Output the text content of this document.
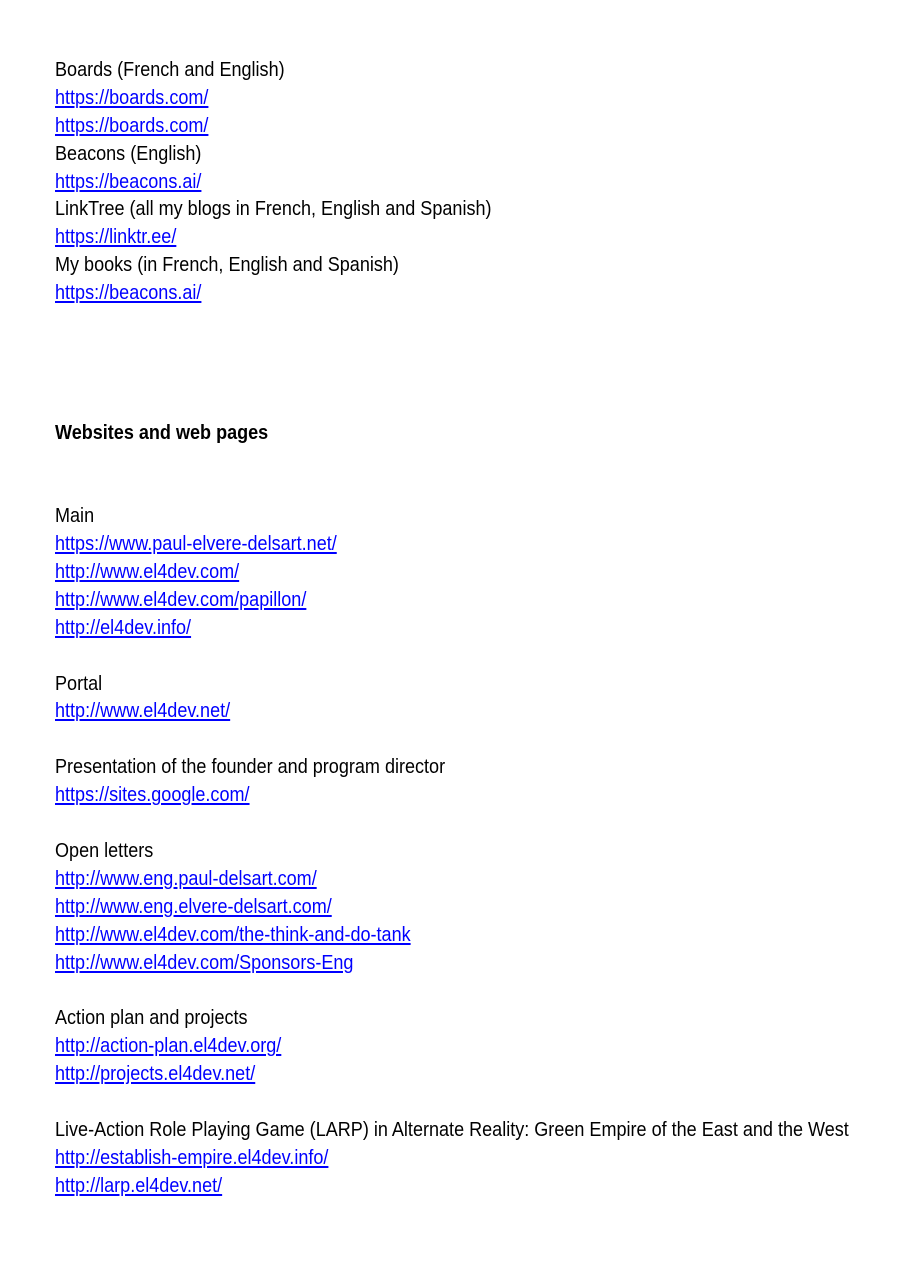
Boards (French and English)
https://boards.com/
https://boards.com/
Beacons (English)
https://beacons.ai/
LinkTree (all my blogs in French, English and Spanish)
https://linktr.ee/
My books (in French, English and Spanish)
https://beacons.ai/
Websites and web pages
Main
https://www.paul-elvere-delsart.net/
http://www.el4dev.com/
http://www.el4dev.com/papillon/
http://el4dev.info/
Portal
http://www.el4dev.net/
Presentation of the founder and program director
https://sites.google.com/
Open letters
http://www.eng.paul-delsart.com/
http://www.eng.elvere-delsart.com/
http://www.el4dev.com/the-think-and-do-tank
http://www.el4dev.com/Sponsors-Eng
Action plan and projects
http://action-plan.el4dev.org/
http://projects.el4dev.net/
Live-Action Role Playing Game (LARP) in Alternate Reality: Green Empire of the East and the West
http://establish-empire.el4dev.info/
http://larp.el4dev.net/
